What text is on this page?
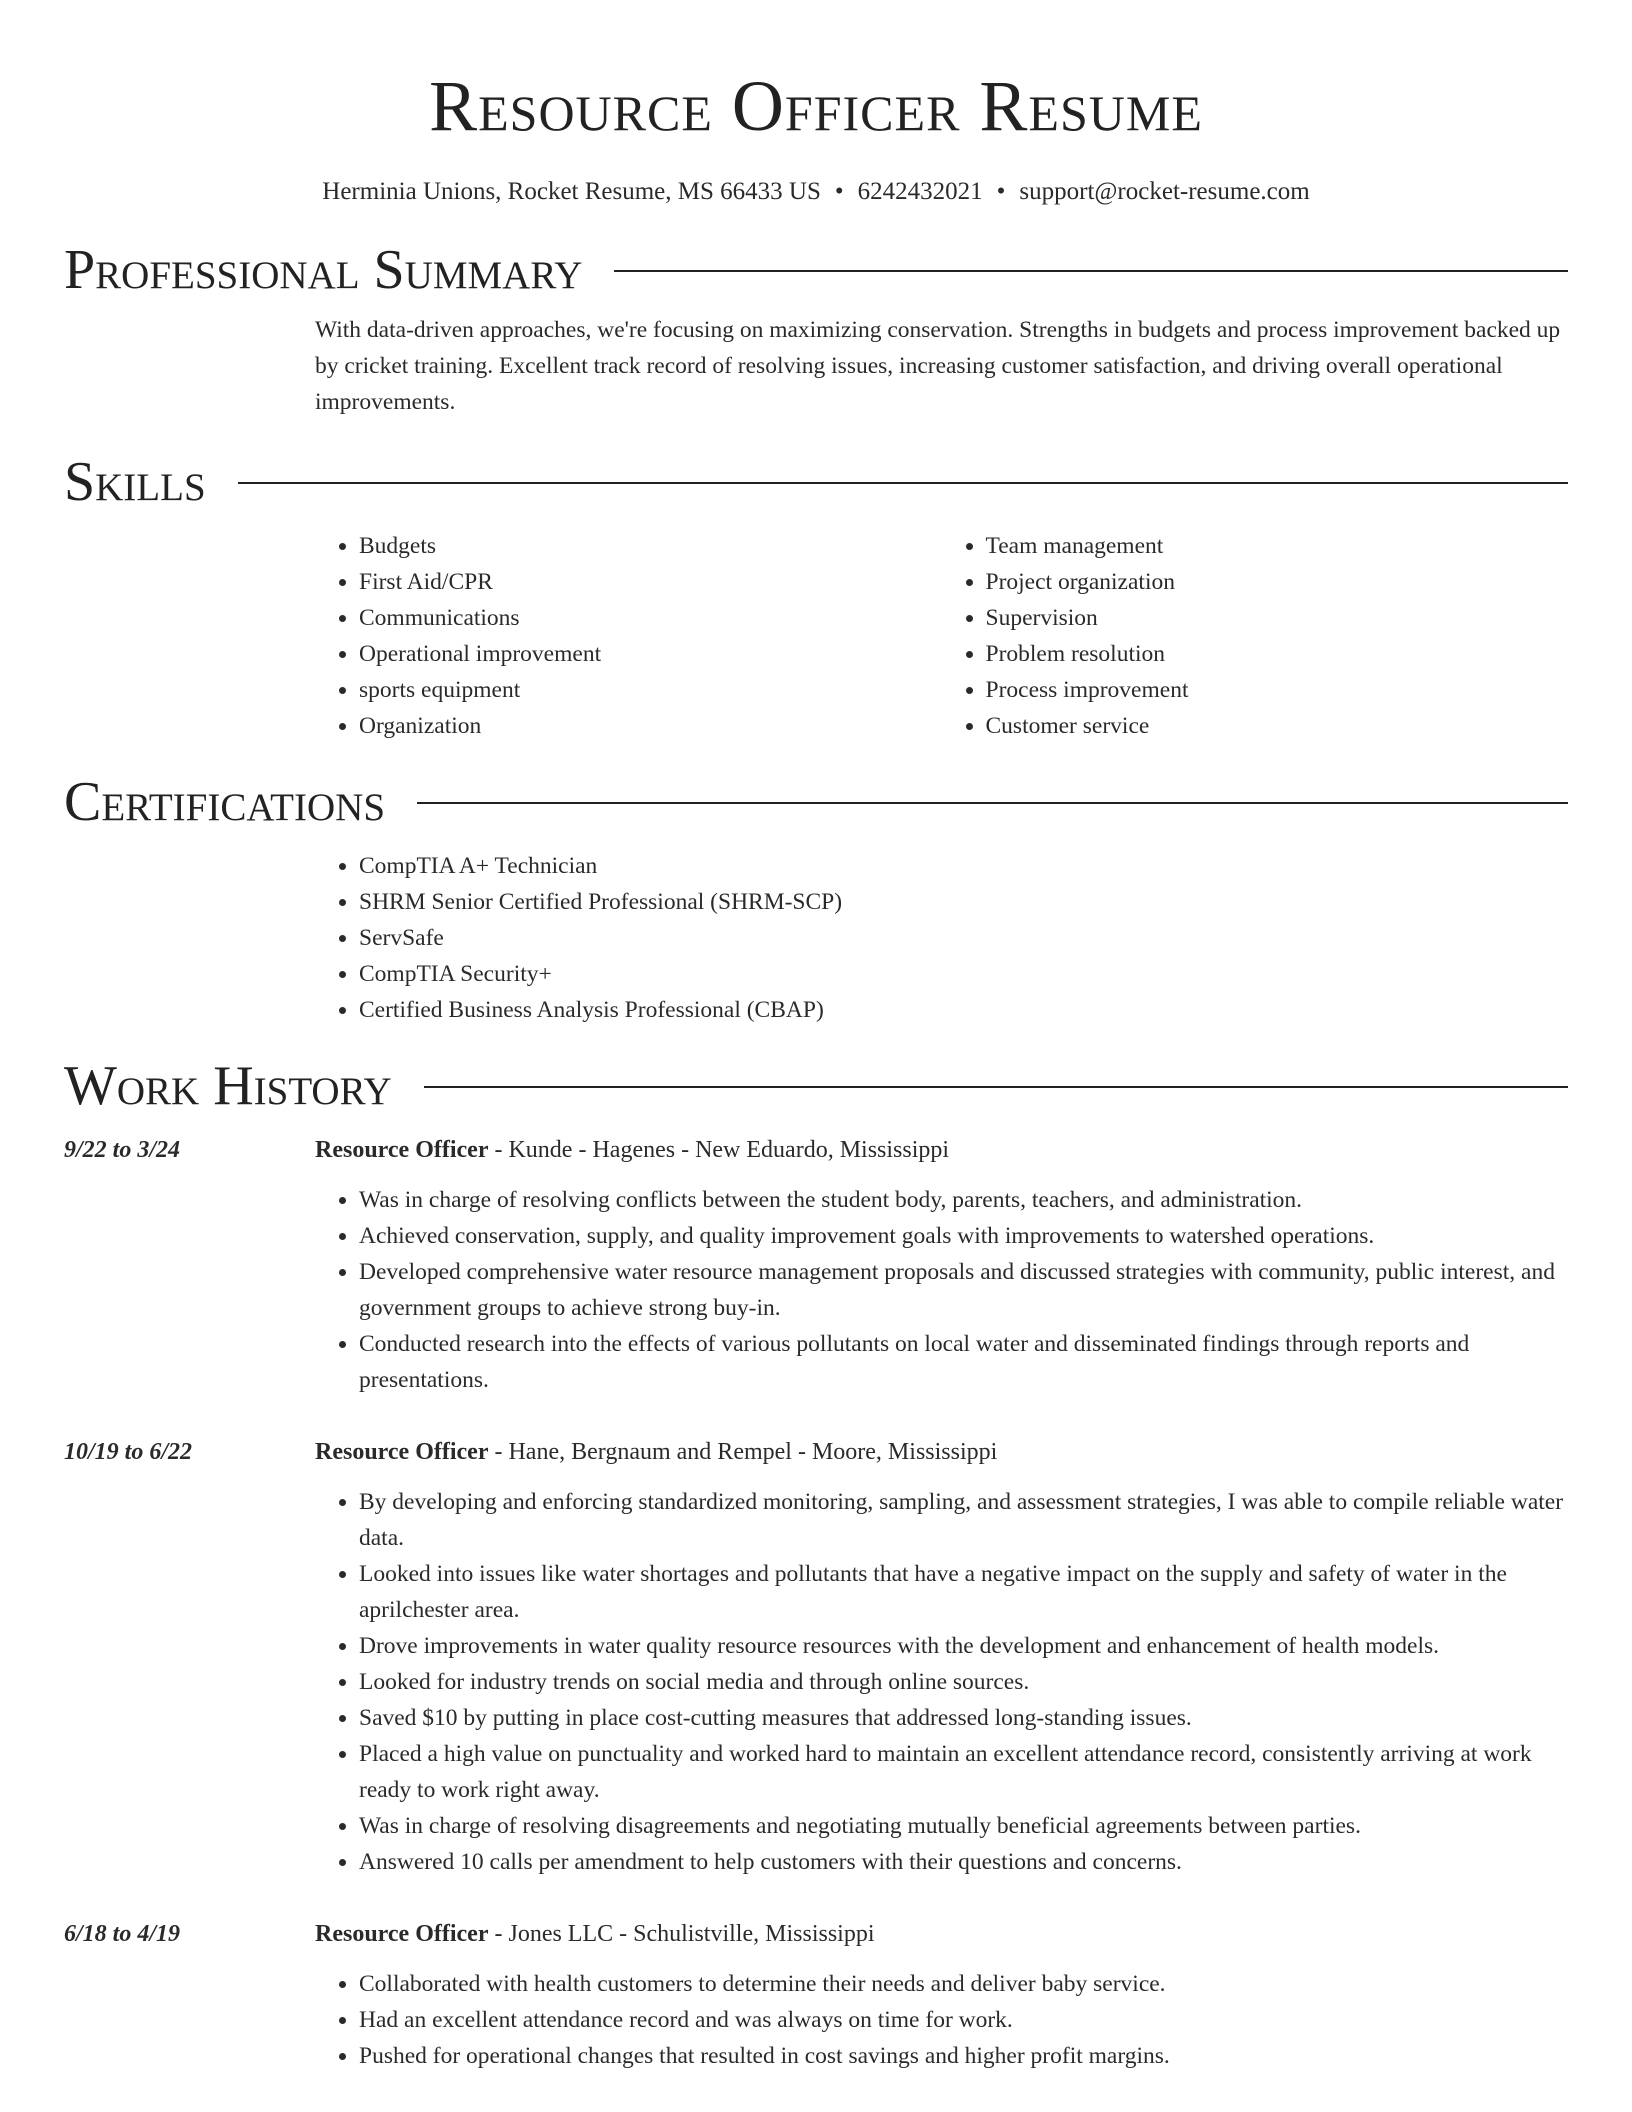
Resource Officer Resume
Herminia Unions, Rocket Resume, MS 66433 US • 6242432021 • support@rocket-resume.com
Professional Summary

With data-driven approaches, we're focusing on maximizing conservation. Strengths in budgets and process improvement backed up by cricket training. Excellent track record of resolving issues, increasing customer satisfaction, and driving overall operational improvements.

Skills
• Budgets
• First Aid/CPR
• Communications
• Operational improvement
• sports equipment
• Organization
• Team management
• Project organization
• Supervision
• Problem resolution
• Process improvement
• Customer service
Certifications
• CompTIA A+ Technician
• SHRM Senior Certified Professional (SHRM-SCP)
• ServSafe
• CompTIA Security+
• Certified Business Analysis Professional (CBAP)
Work History
9/22 to 3/24	Resource Officer - Kunde - Hagenes - New Eduardo, Mississippi
• Was in charge of resolving conflicts between the student body, parents, teachers, and administration.
• Achieved conservation, supply, and quality improvement goals with improvements to watershed operations.
• Developed comprehensive water resource management proposals and discussed strategies with community, public interest, and government groups to achieve strong buy-in.
• Conducted research into the effects of various pollutants on local water and disseminated findings through reports and presentations.
10/19 to 6/22	Resource Officer - Hane, Bergnaum and Rempel - Moore, Mississippi
• By developing and enforcing standardized monitoring, sampling, and assessment strategies, I was able to compile reliable water data.
• Looked into issues like water shortages and pollutants that have a negative impact on the supply and safety of water in the aprilchester area.
• Drove improvements in water quality resource resources with the development and enhancement of health models.
• Looked for industry trends on social media and through online sources.
• Saved $10 by putting in place cost-cutting measures that addressed long-standing issues.
• Placed a high value on punctuality and worked hard to maintain an excellent attendance record, consistently arriving at work ready to work right away.
• Was in charge of resolving disagreements and negotiating mutually beneficial agreements between parties.
• Answered 10 calls per amendment to help customers with their questions and concerns.
6/18 to 4/19	Resource Officer - Jones LLC - Schulistville, Mississippi
• Collaborated with health customers to determine their needs and deliver baby service.
• Had an excellent attendance record and was always on time for work.
• Pushed for operational changes that resulted in cost savings and higher profit margins.
